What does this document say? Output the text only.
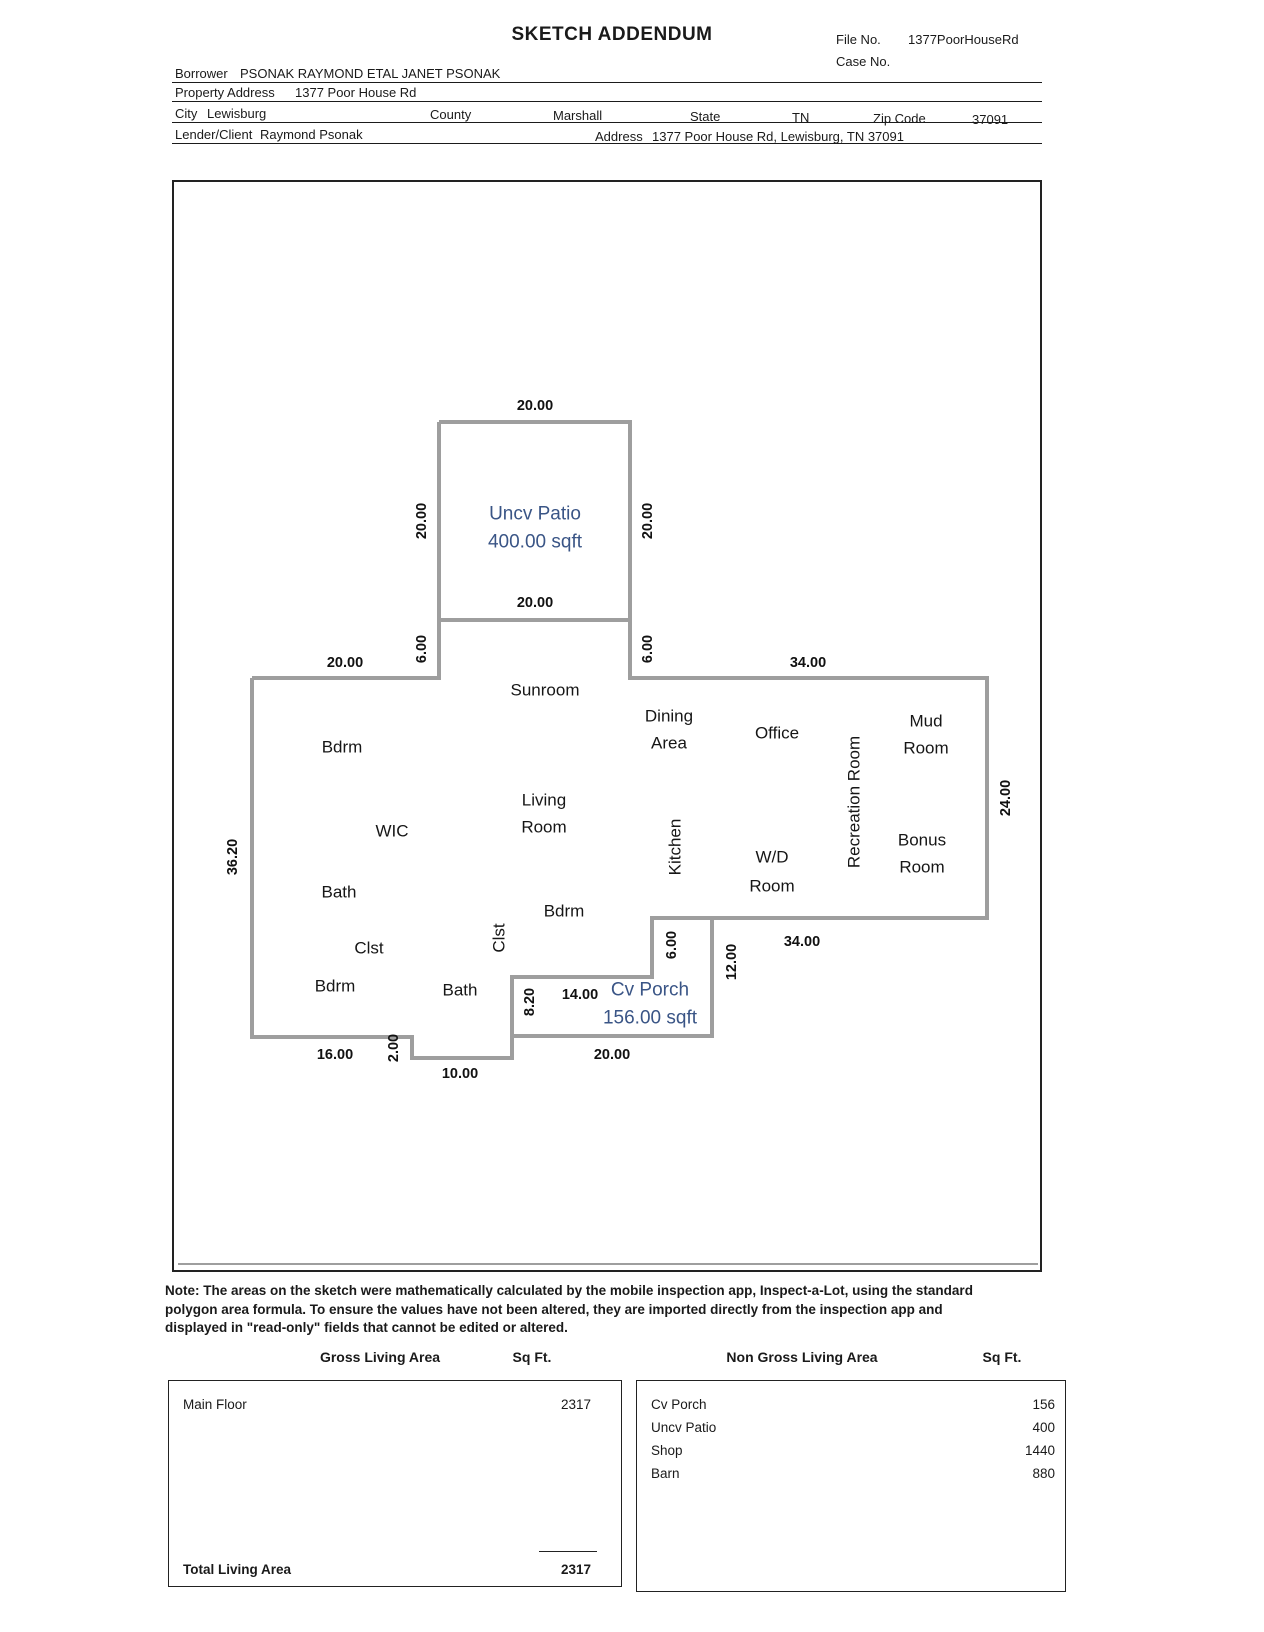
SKETCH ADDENDUM	File No. 1377PoorHouseRd
Case No.
Borrower PSONAK RAYMOND ETAL JANET PSONAK
Property Address 1377 Poor House Rd
City Lewisburg	County	Marshall	State	TN	Zip Code	37091
Lender/Client Raymond Psonak	Address 1377 Poor House Rd, Lewisburg, TN 37091
20.00
20.00	20.00
20.00
6.00	6.00
20.00	34.00
36.20
24.00
34.00
6.00	12.00
8.20 14.00
16.00 2.00
10.00
20.00
Sunroom
Bdrm
Dining
Area
Office
Recreation Room
Mud
Room
Living
Room
WIC	Kitchen	W/D
Room
Bonus
Room
Bath
Bdrm
Clst	Clst
Bdrm	Bath
Uncv Patio
400.00 sqft
Cv Porch
156.00 sqft
Note: The areas on the sketch were mathematically calculated by the mobile inspection app, Inspect-a-Lot, using the standard
polygon area formula. To ensure the values have not been altered, they are imported directly from the inspection app and
displayed in "read-only" fields that cannot be edited or altered.
Gross Living Area	Sq Ft.	Non Gross Living Area	Sq Ft.
Main Floor	2317
Total Living Area	2317
Cv Porch	156
Uncv Patio	400
Shop	1440
Barn	880
